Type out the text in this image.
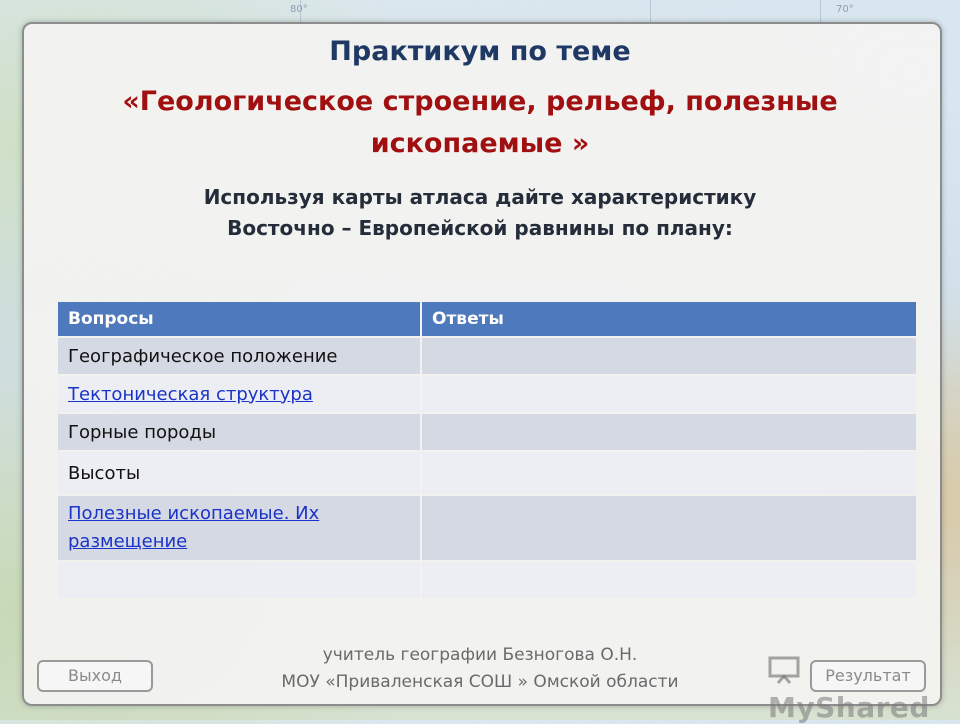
80°	70°
Практикум по теме
«Геологическое строение, рельеф, полезные
ископаемые »
Используя карты атласа дайте характеристику
Восточно – Европейской равнины по плану:
Вопросы	Ответы
Географическое положение	
Тектоническая структура	
Горные породы	
Высоты	
Полезные ископаемые. Их
размещение	

учитель географии Безногова О.Н.
МОУ «Приваленская СОШ » Омской области
Выход	Результат
MyShared
